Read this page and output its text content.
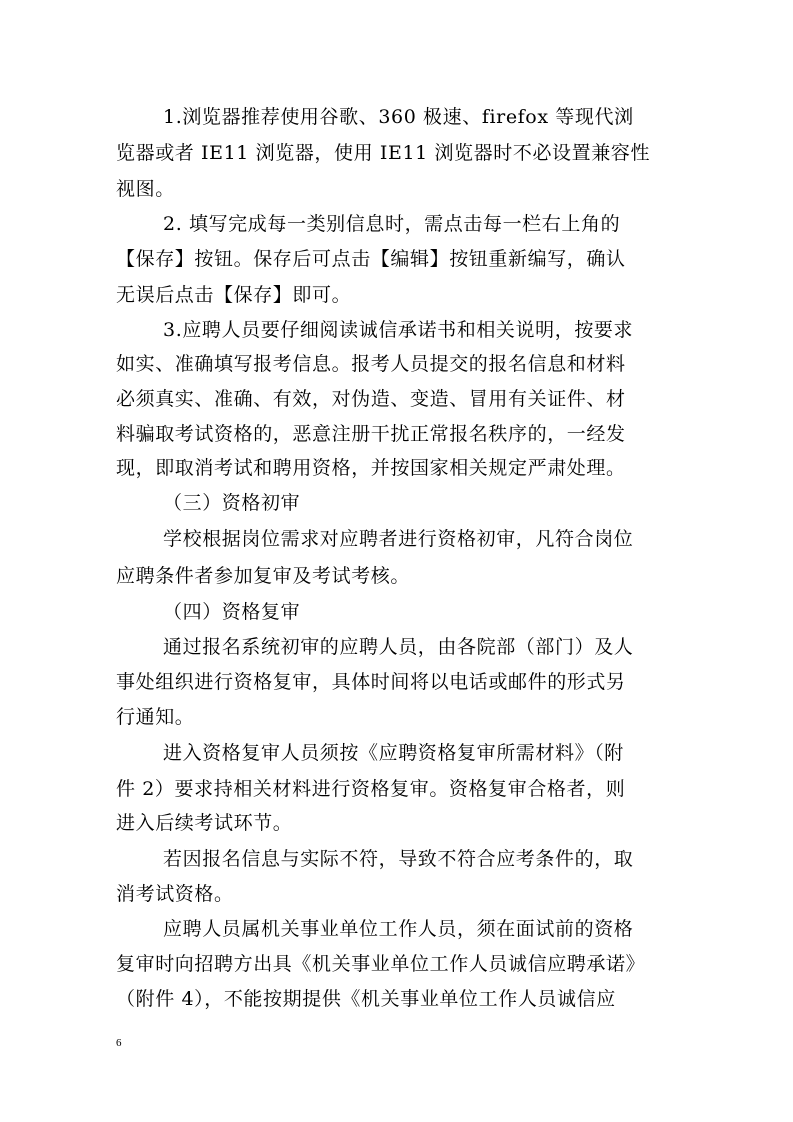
1.浏览器推荐使用谷歌、360 极速、firefox 等现代浏
览器或者 IE11 浏览器，使用 IE11 浏览器时不必设置兼容性
视图。
2. 填写完成每一类别信息时，需点击每一栏右上角的
【保存】按钮。保存后可点击【编辑】按钮重新编写，确认
无误后点击【保存】即可。
3.应聘人员要仔细阅读诚信承诺书和相关说明，按要求
如实、准确填写报考信息。报考人员提交的报名信息和材料
必须真实、准确、有效，对伪造、变造、冒用有关证件、材
料骗取考试资格的，恶意注册干扰正常报名秩序的，一经发
现，即取消考试和聘用资格，并按国家相关规定严肃处理。
（三）资格初审
学校根据岗位需求对应聘者进行资格初审，凡符合岗位
应聘条件者参加复审及考试考核。
（四）资格复审
通过报名系统初审的应聘人员，由各院部（部门）及人
事处组织进行资格复审，具体时间将以电话或邮件的形式另
行通知。
进入资格复审人员须按《应聘资格复审所需材料》（附
件 2）要求持相关材料进行资格复审。资格复审合格者，则
进入后续考试环节。
若因报名信息与实际不符，导致不符合应考条件的，取
消考试资格。
应聘人员属机关事业单位工作人员，须在面试前的资格
复审时向招聘方出具《机关事业单位工作人员诚信应聘承诺》
（附件 4），不能按期提供《机关事业单位工作人员诚信应
6
